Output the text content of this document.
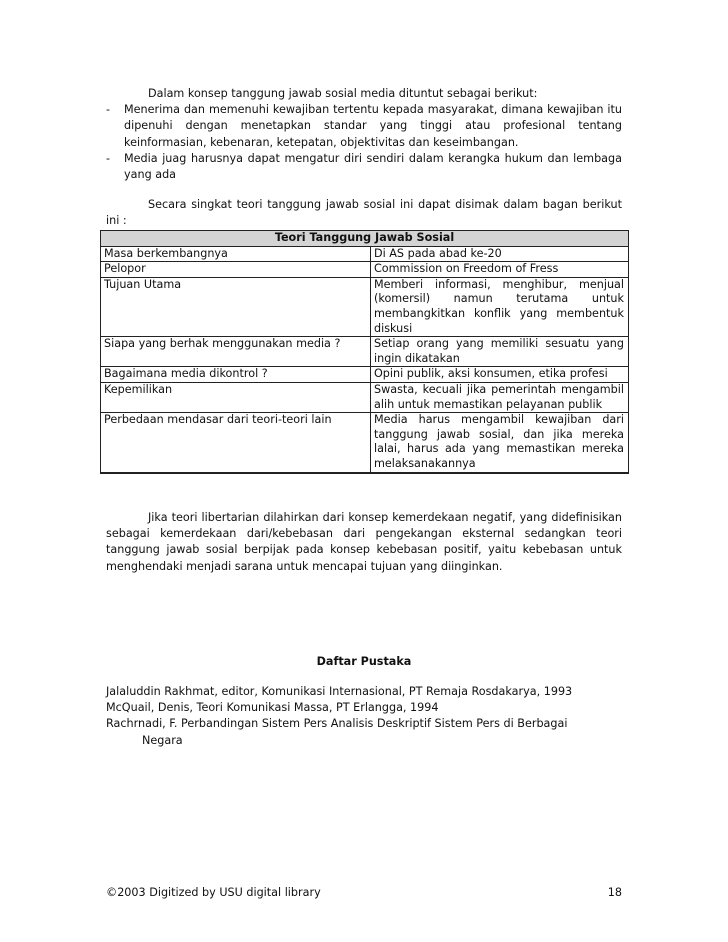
Dalam konsep tanggung jawab sosial media dituntut sebagai berikut:

-	Menerima dan memenuhi kewajiban tertentu kepada masyarakat, dimana kewajiban itu dipenuhi dengan menetapkan standar yang tinggi atau profesional tentang keinformasian, kebenaran, ketepatan, objektivitas dan keseimbangan.
-	Media juag harusnya dapat mengatur diri sendiri dalam kerangka hukum dan lembaga yang ada

Secara singkat teori tanggung jawab sosial ini dapat disimak dalam bagan berikut ini :

Teori Tanggung Jawab Sosial	
Masa berkembangnya	Di AS pada abad ke-20
Pelopor	Commission on Freedom of Fress
Tujuan Utama	Memberi informasi, menghibur, menjual (komersil) namun terutama untuk membangkitkan konflik yang membentuk diskusi
Siapa yang berhak menggunakan media ?	Setiap orang yang memiliki sesuatu yang ingin dikatakan
Bagaimana media dikontrol ?	Opini publik, aksi konsumen, etika profesi
Kepemilikan	Swasta, kecuali jika pemerintah mengambil alih untuk memastikan pelayanan publik
Perbedaan mendasar dari teori-teori lain	Media harus mengambil kewajiban dari tanggung jawab sosial, dan jika mereka lalai, harus ada yang memastikan mereka melaksanakannya

Jika teori libertarian dilahirkan dari konsep kemerdekaan negatif, yang didefinisikan sebagai kemerdekaan dari/kebebasan dari pengekangan eksternal sedangkan teori tanggung jawab sosial berpijak pada konsep kebebasan positif, yaitu kebebasan untuk menghendaki menjadi sarana untuk mencapai tujuan yang diinginkan.

Daftar Pustaka

Jalaluddin Rakhmat, editor, Komunikasi Internasional, PT Remaja Rosdakarya, 1993

McQuail, Denis, Teori Komunikasi Massa, PT Erlangga, 1994

Rachrnadi, F. Perbandingan Sistem Pers Analisis Deskriptif Sistem Pers di Berbagai
Negara

©2003 Digitized by USU digital library	18
